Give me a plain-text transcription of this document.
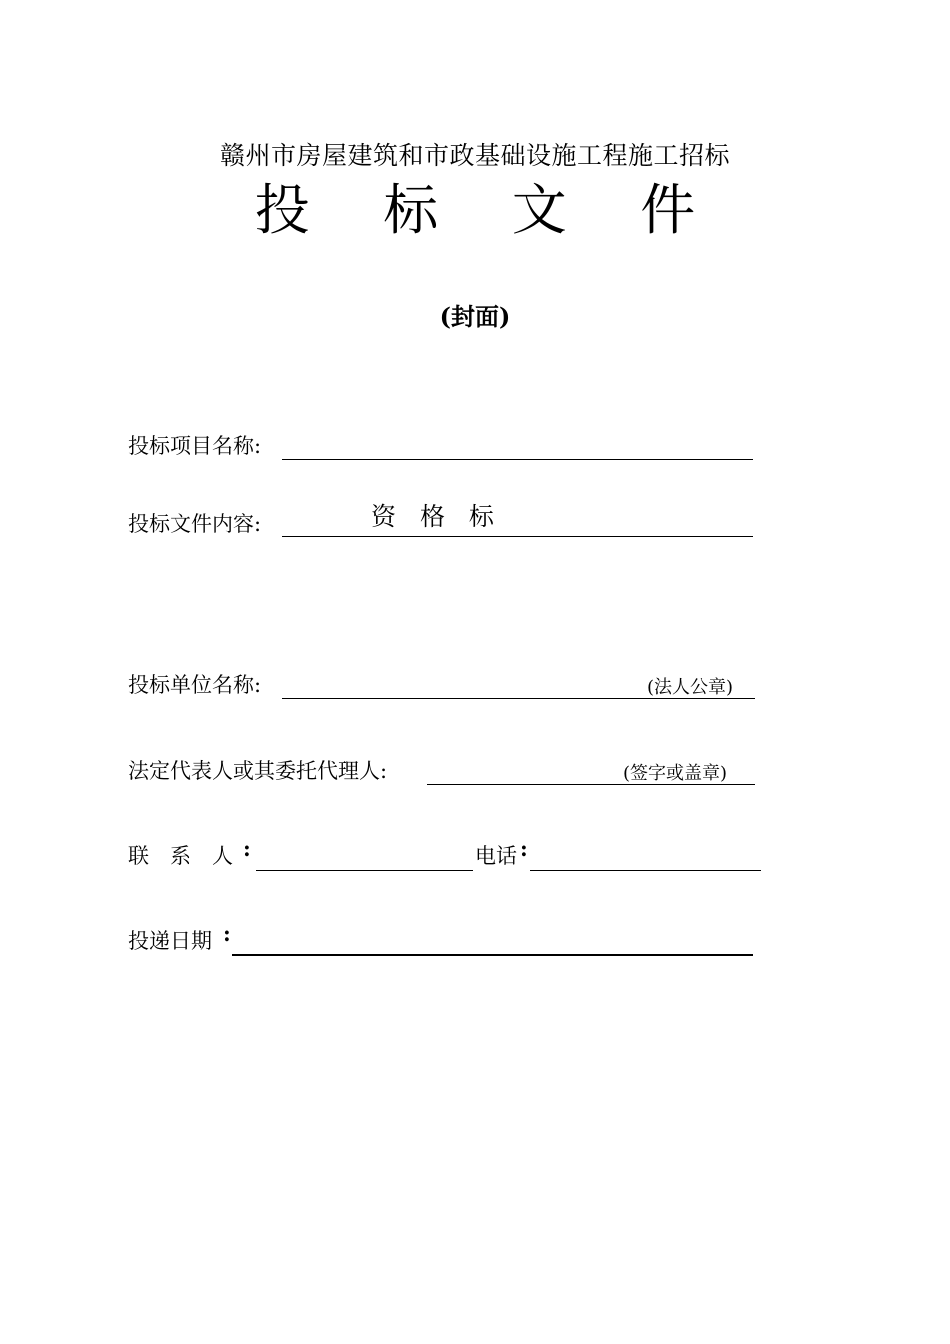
赣州市房屋建筑和市政基础设施工程施工招标
投 标 文 件
(封面)
投标项目名称:
投标文件内容:	资 格 标
投标单位名称:	(法人公章)
法定代表人或其委托代理人:	(签字或盖章)
联　系　人 :	电话 :
投递日期 :
